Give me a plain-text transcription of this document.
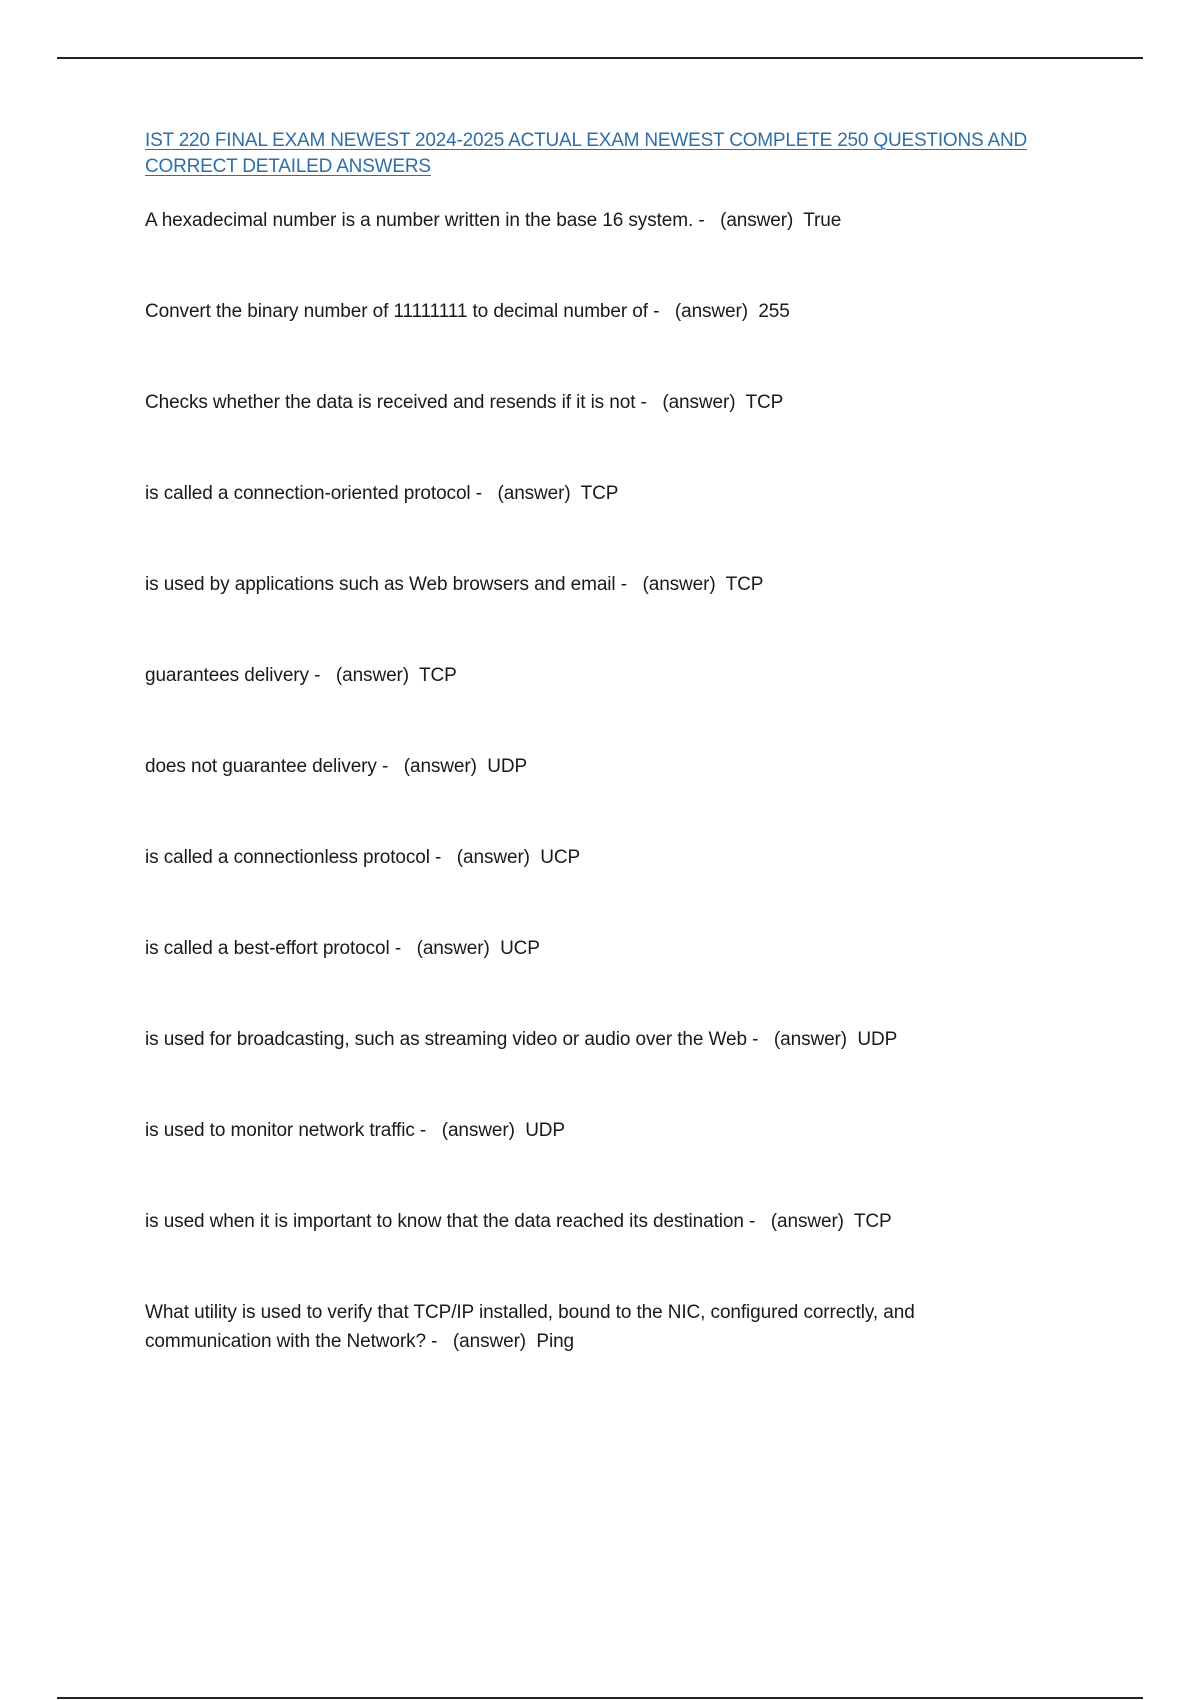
IST 220 FINAL EXAM NEWEST 2024-2025 ACTUAL EXAM NEWEST COMPLETE 250 QUESTIONS AND CORRECT DETAILED ANSWERS
A hexadecimal number is a number written in the base 16 system. - (answer) True
Convert the binary number of 11111111 to decimal number of - (answer) 255
Checks whether the data is received and resends if it is not - (answer) TCP
is called a connection-oriented protocol - (answer) TCP
is used by applications such as Web browsers and email - (answer) TCP
guarantees delivery - (answer) TCP
does not guarantee delivery - (answer) UDP
is called a connectionless protocol - (answer) UCP
is called a best-effort protocol - (answer) UCP
is used for broadcasting, such as streaming video or audio over the Web - (answer) UDP
is used to monitor network traffic - (answer) UDP
is used when it is important to know that the data reached its destination - (answer) TCP
What utility is used to verify that TCP/IP installed, bound to the NIC, configured correctly, and communication with the Network? - (answer) Ping
